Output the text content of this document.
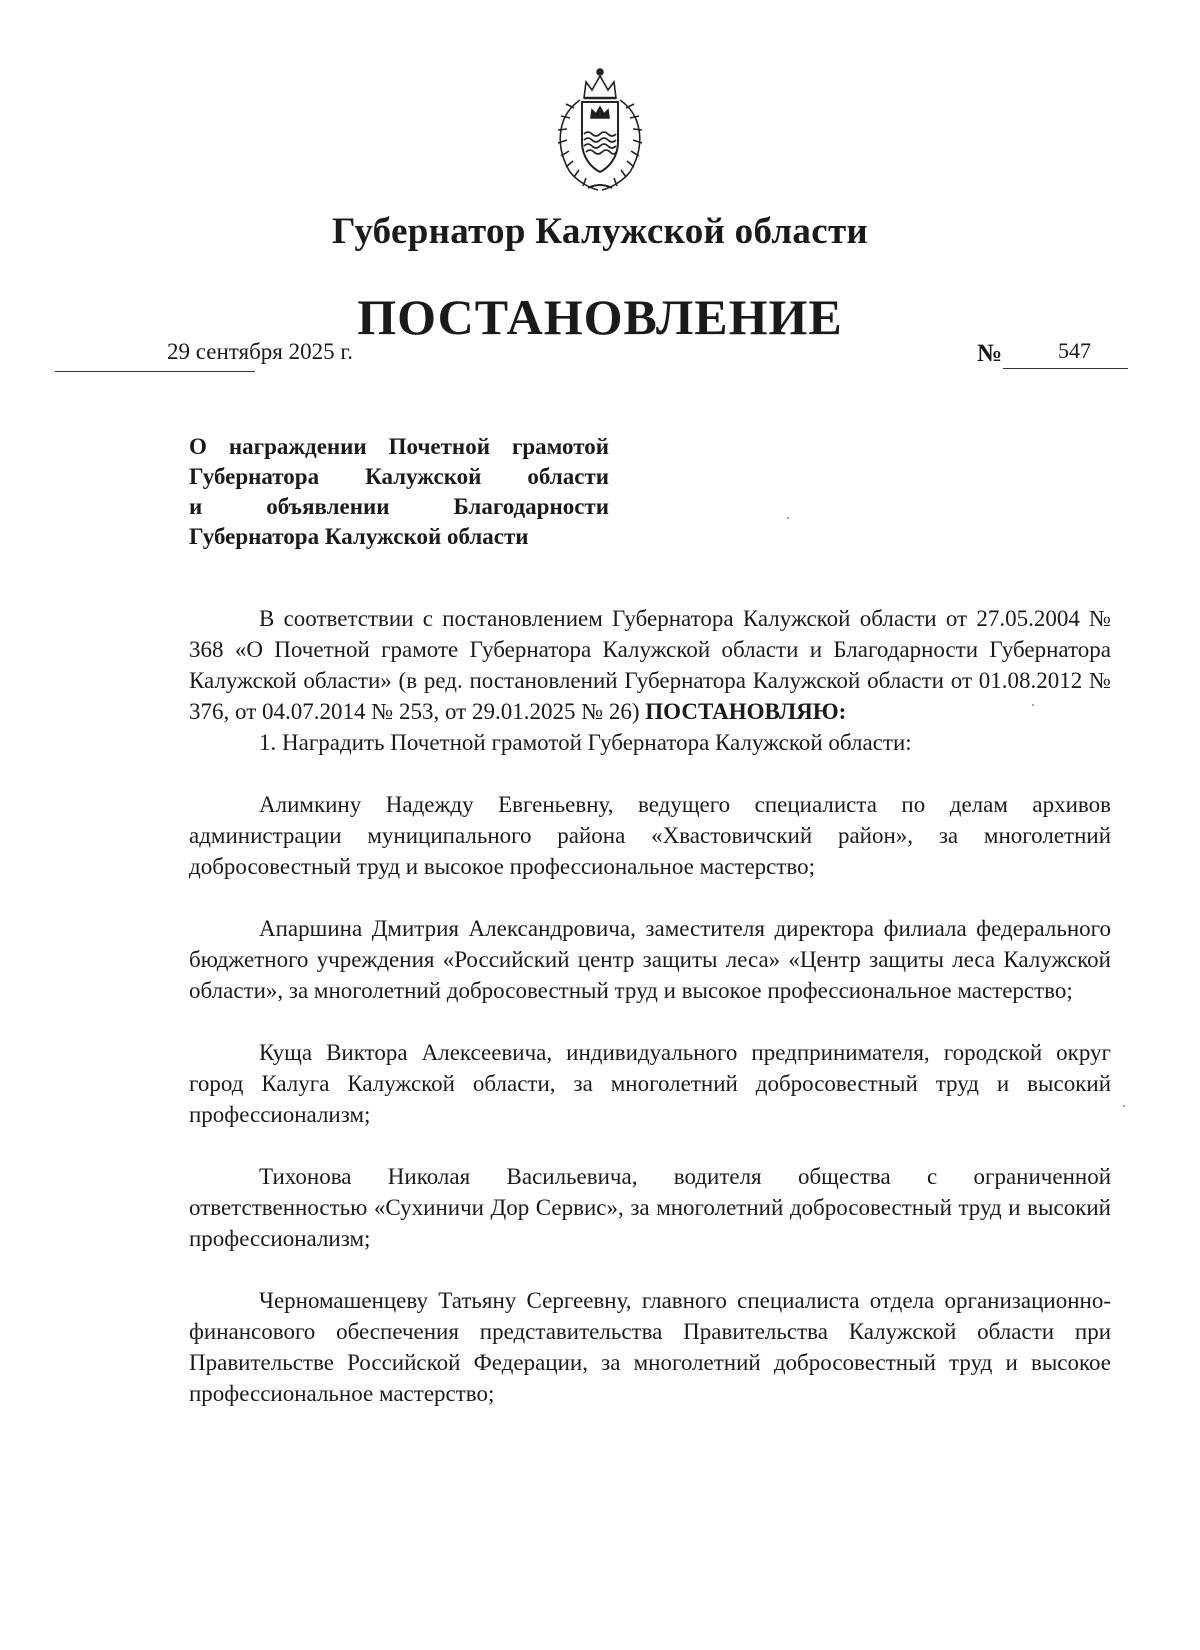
Губернатор Калужской области
ПОСТАНОВЛЕНИЕ
29 сентября 2025 г.	№	547
О награждении Почетной грамотой
Губернатора Калужской области
и объявлении Благодарности
Губернатора Калужской области

В соответствии с постановлением Губернатора Калужской области от 27.05.2004 № 368 «О Почетной грамоте Губернатора Калужской области и Благодарности Губернатора Калужской области» (в ред. постановлений Губернатора Калужской области от 01.08.2012 № 376, от 04.07.2014 № 253, от 29.01.2025 № 26) ПОСТАНОВЛЯЮ:

1. Наградить Почетной грамотой Губернатора Калужской области:

Алимкину Надежду Евгеньевну, ведущего специалиста по делам архивов администрации муниципального района «Хвастовичский район», за многолетний добросовестный труд и высокое профессиональное мастерство;

Апаршина Дмитрия Александровича, заместителя директора филиала федерального бюджетного учреждения «Российский центр защиты леса» «Центр защиты леса Калужской области», за многолетний добросовестный труд и высокое профессиональное мастерство;

Куща Виктора Алексеевича, индивидуального предпринимателя, городской округ город Калуга Калужской области, за многолетний добросовестный труд и высокий профессионализм;

Тихонова Николая Васильевича, водителя общества с ограниченной ответственностью «Сухиничи Дор Сервис», за многолетний добросовестный труд и высокий профессионализм;

Черномашенцеву Татьяну Сергеевну, главного специалиста отдела организационно-финансового обеспечения представительства Правительства Калужской области при Правительстве Российской Федерации, за многолетний добросовестный труд и высокое профессиональное мастерство;
